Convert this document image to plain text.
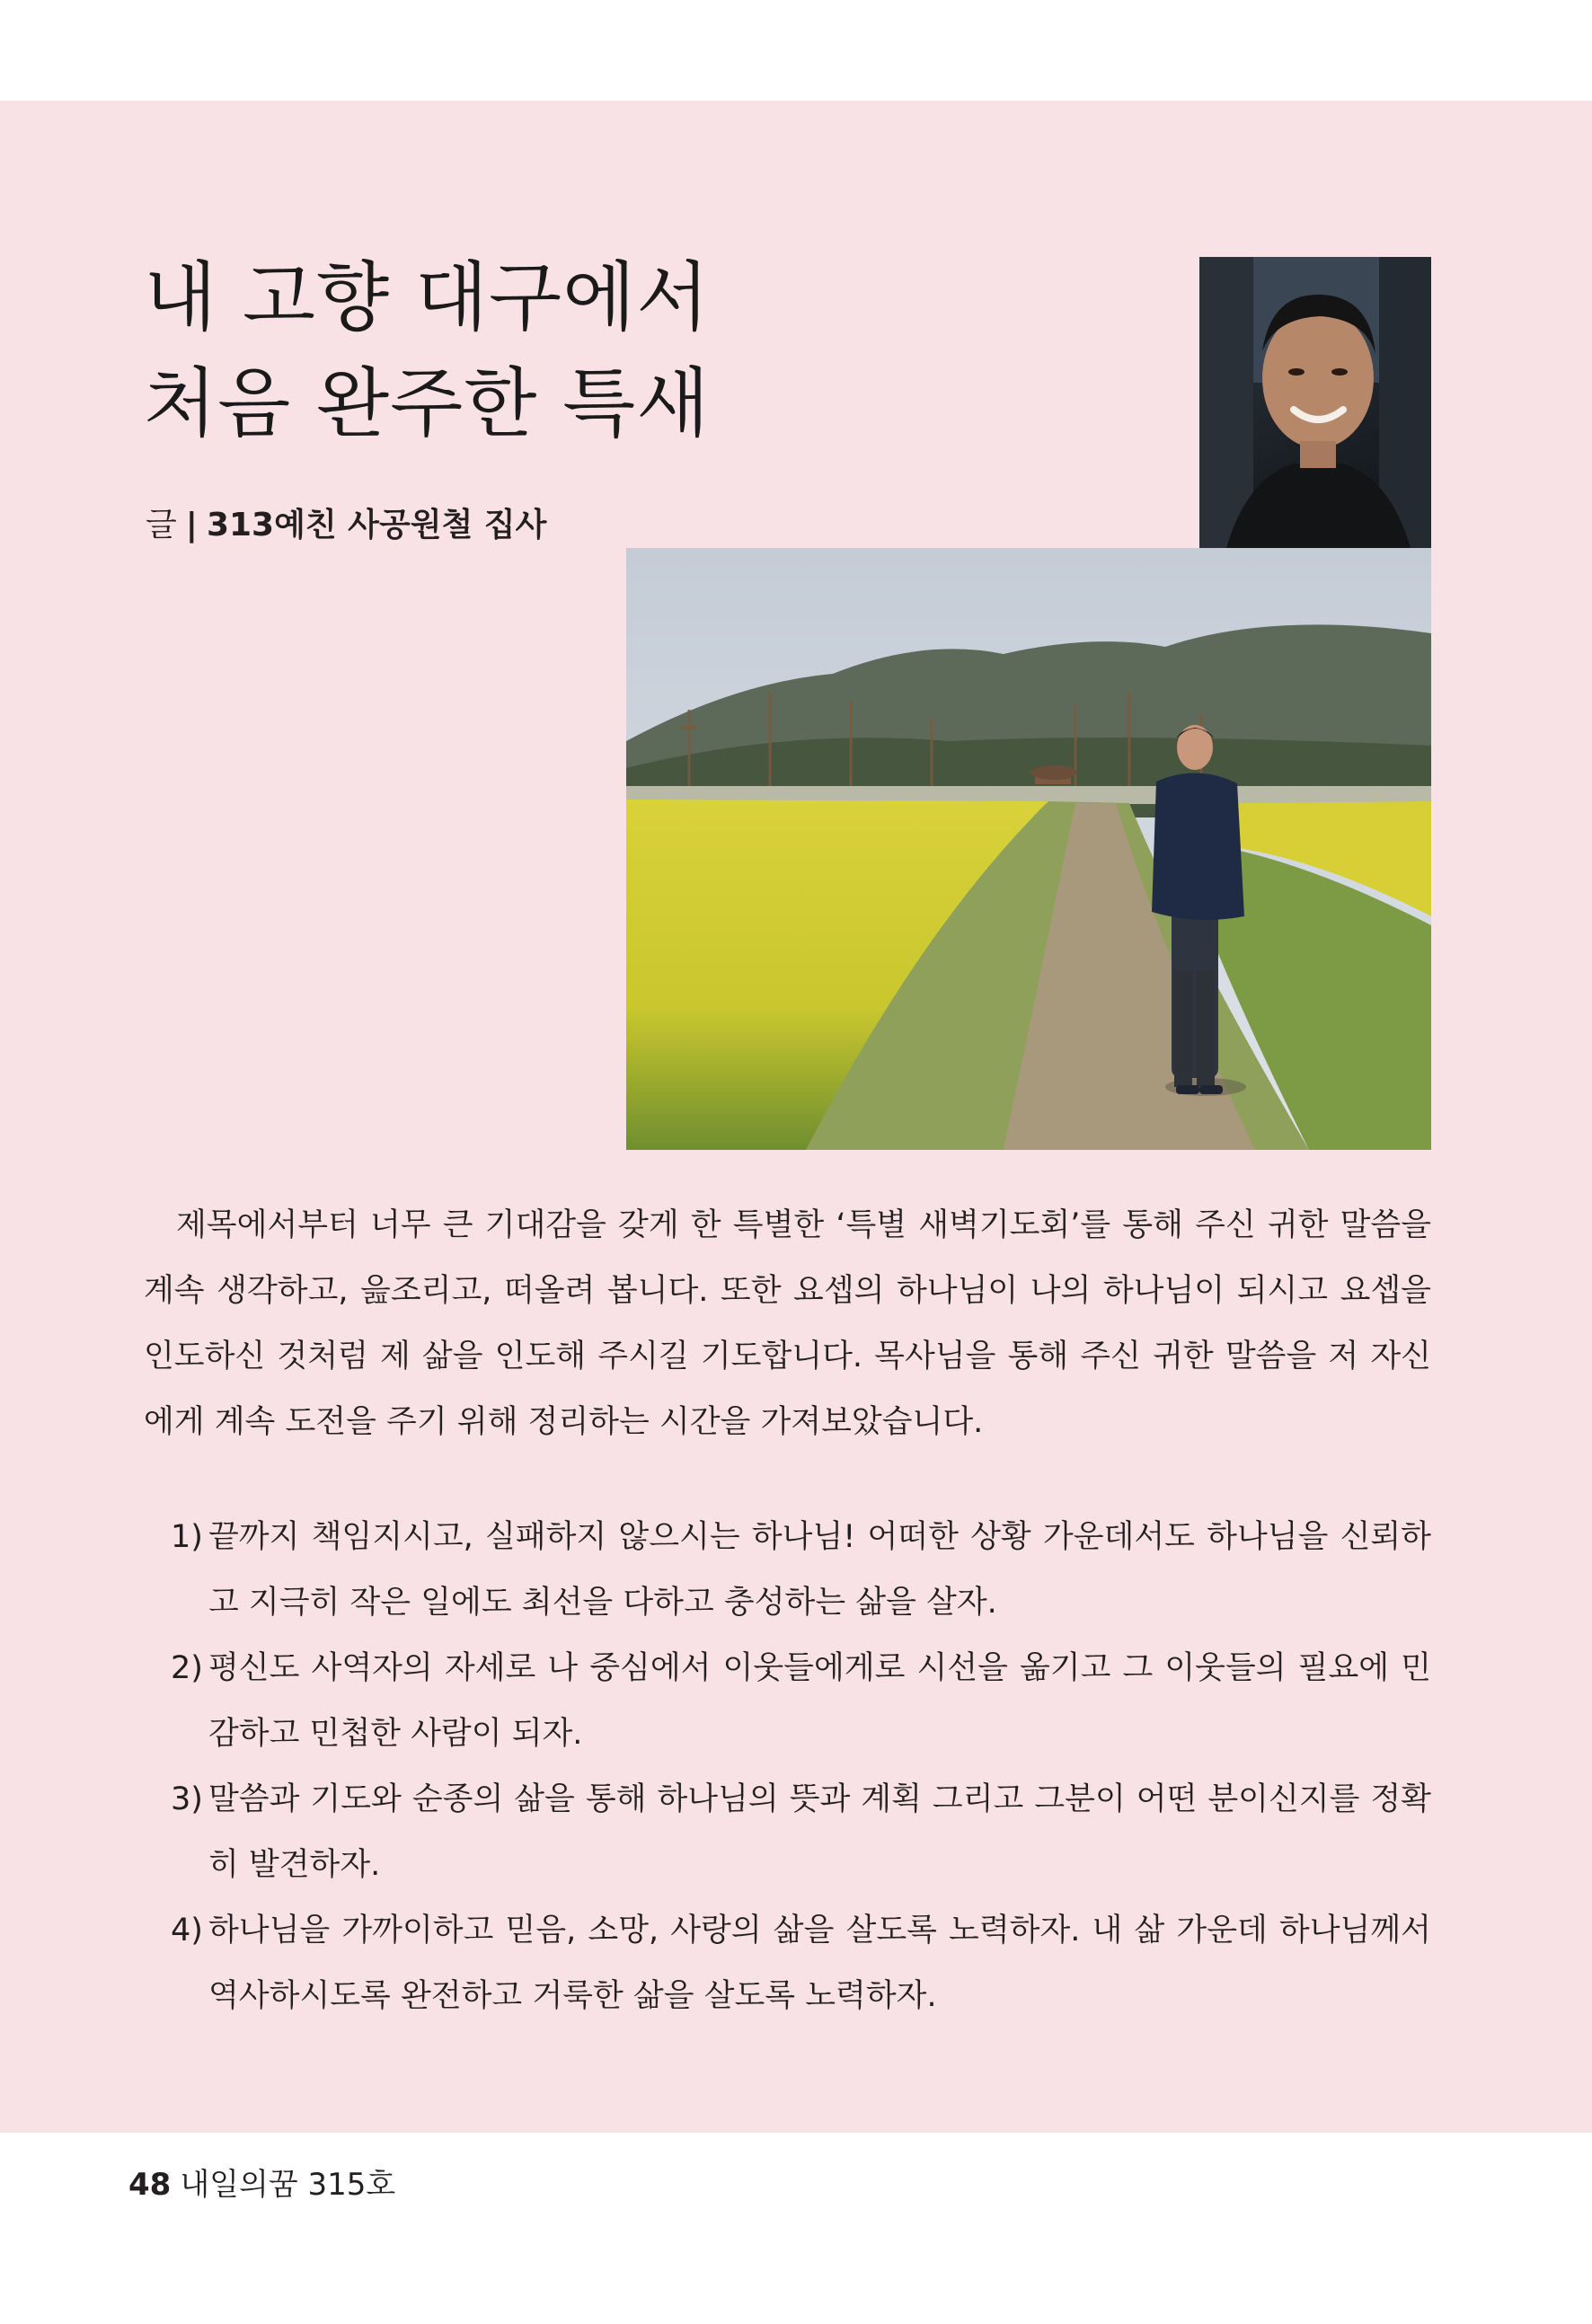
내 고향 대구에서
처음 완주한 특새
글 | 313예친 사공원철 집사

제목에서부터 너무 큰 기대감을 갖게 한 특별한 ‘특별 새벽기도회’를 통해 주신 귀한 말씀을 계속 생각하고, 읊조리고, 떠올려 봅니다. 또한 요셉의 하나님이 나의 하나님이 되시고 요셉을 인도하신 것처럼 제 삶을 인도해 주시길 기도합니다. 목사님을 통해 주신 귀한 말씀을 저 자신에게 계속 도전을 주기 위해 정리하는 시간을 가져보았습니다.

1) 끝까지 책임지시고, 실패하지 않으시는 하나님! 어떠한 상황 가운데서도 하나님을 신뢰하고 지극히 작은 일에도 최선을 다하고 충성하는 삶을 살자.
2) 평신도 사역자의 자세로 나 중심에서 이웃들에게로 시선을 옮기고 그 이웃들의 필요에 민감하고 민첩한 사람이 되자.
3) 말씀과 기도와 순종의 삶을 통해 하나님의 뜻과 계획 그리고 그분이 어떤 분이신지를 정확히 발견하자.
4) 하나님을 가까이하고 믿음, 소망, 사랑의 삶을 살도록 노력하자. 내 삶 가운데 하나님께서 역사하시도록 완전하고 거룩한 삶을 살도록 노력하자.
48 내일의꿈 315호
